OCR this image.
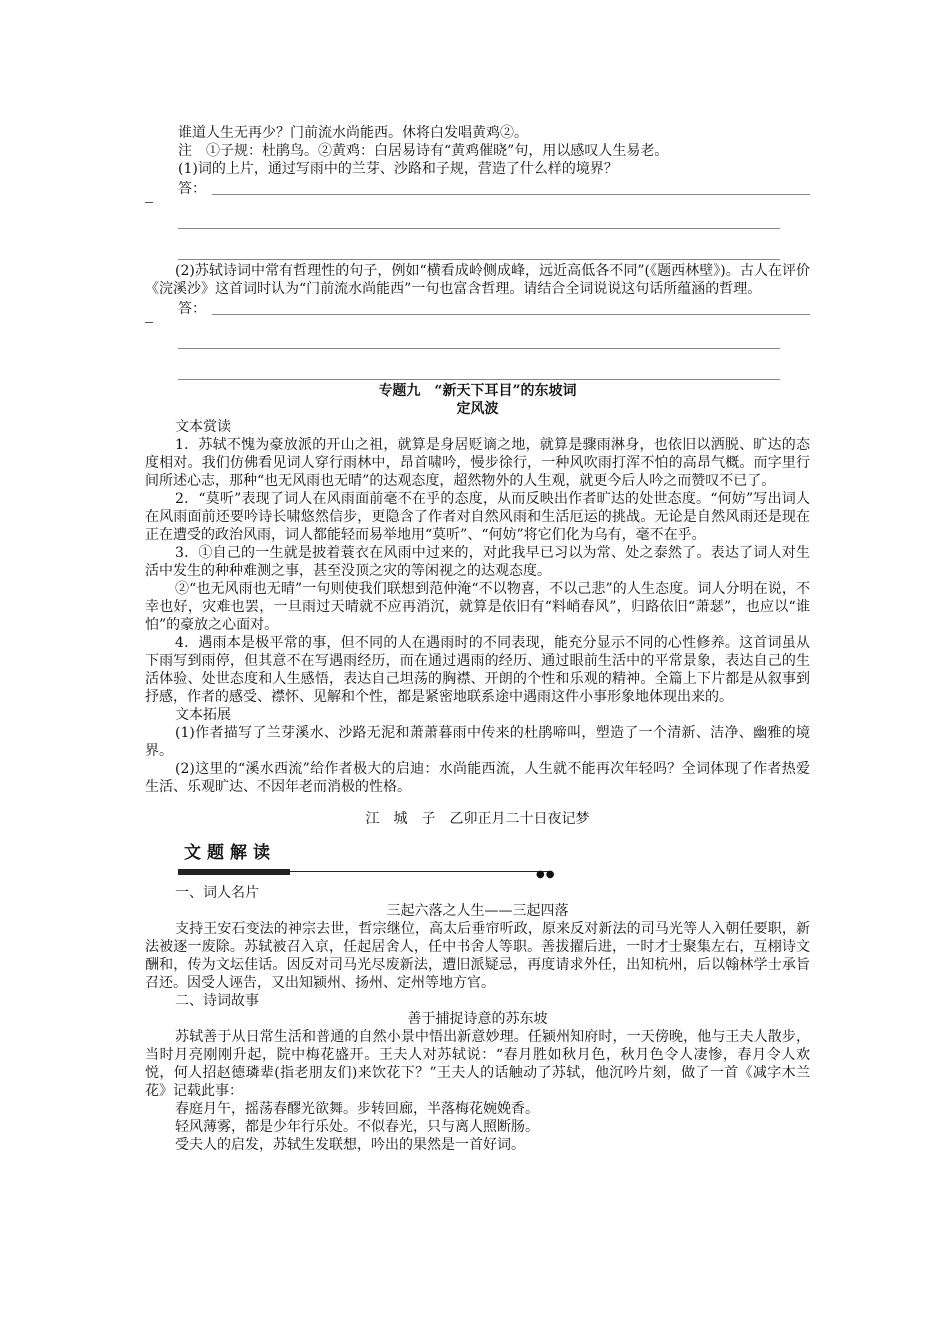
谁道人生无再少？门前流水尚能西。休将白发唱黄鸡②。

注　①子规：杜鹃鸟。②黄鸡：白居易诗有“黄鸡催晓”句，用以感叹人生易老。

(1)词的上片，通过写雨中的兰芽、沙路和子规，营造了什么样的境界？

答：

(2)苏轼诗词中常有哲理性的句子，例如“横看成岭侧成峰，远近高低各不同”(《题西林壁》)。古人在评价《浣溪沙》这首词时认为“门前流水尚能西”一句也富含哲理。请结合全词说说这句话所蕴涵的哲理。

答：

专题九　“新天下耳目”的东坡词

定风波

文本赏读

1．苏轼不愧为豪放派的开山之祖，就算是身居贬谪之地，就算是骤雨淋身，也依旧以洒脱、旷达的态度相对。我们仿佛看见词人穿行雨林中，昂首啸吟，慢步徐行，一种风吹雨打浑不怕的高昂气概。而字里行间所述心志，那种“也无风雨也无晴”的达观态度，超然物外的人生观，就更今后人吟之而赞叹不已了。

2．“莫听”表现了词人在风雨面前毫不在乎的态度，从而反映出作者旷达的处世态度。“何妨”写出词人在风雨面前还要吟诗长啸悠然信步，更隐含了作者对自然风雨和生活厄运的挑战。无论是自然风雨还是现在正在遭受的政治风雨，词人都能轻而易举地用“莫听”、“何妨”将它们化为乌有，毫不在乎。

3．①自己的一生就是披着蓑衣在风雨中过来的，对此我早已习以为常、处之泰然了。表达了词人对生活中发生的种种难测之事，甚至没顶之灾的等闲视之的达观态度。

②“也无风雨也无晴”一句则使我们联想到范仲淹“不以物喜，不以己悲”的人生态度。词人分明在说，不幸也好，灾难也罢，一旦雨过天晴就不应再消沉，就算是依旧有“料峭春风”，归路依旧“萧瑟”，也应以“谁怕”的豪放之心面对。

4．遇雨本是极平常的事，但不同的人在遇雨时的不同表现，能充分显示不同的心性修养。这首词虽从下雨写到雨停，但其意不在写遇雨经历，而在通过遇雨的经历、通过眼前生活中的平常景象，表达自己的生活体验、处世态度和人生感悟，表达自己坦荡的胸襟、开朗的个性和乐观的精神。全篇上下片都是从叙事到抒感，作者的感受、襟怀、见解和个性，都是紧密地联系途中遇雨这件小事形象地体现出来的。

文本拓展

(1)作者描写了兰芽溪水、沙路无泥和萧萧暮雨中传来的杜鹃啼叫，塑造了一个清新、洁净、幽雅的境界。

(2)这里的“溪水西流”给作者极大的启迪：水尚能西流，人生就不能再次年轻吗？全词体现了作者热爱生活、乐观旷达、不因年老而消极的性格。

江　城　子　乙卯正月二十日夜记梦

文题解读
●●

一、词人名片

三起六落之人生——三起四落

支持王安石变法的神宗去世，哲宗继位，高太后垂帘听政，原来反对新法的司马光等人入朝任要职，新法被逐一废除。苏轼被召入京，任起居舍人，任中书舍人等职。善拔擢后进，一时才士聚集左右，互栩诗文酬和，传为文坛佳话。因反对司马光尽废新法，遭旧派疑忌，再度请求外任，出知杭州，后以翰林学士承旨召还。因受人诬告，又出知颍州、扬州、定州等地方官。

二、诗词故事

善于捕捉诗意的苏东坡

苏轼善于从日常生活和普通的自然小景中悟出新意妙理。任颍州知府时，一天傍晚，他与王夫人散步，当时月亮刚刚升起，院中梅花盛开。王夫人对苏轼说：“春月胜如秋月色，秋月色令人凄惨，春月令人欢悦，何人招赵德璘辈(指老朋友们)来饮花下？”王夫人的话触动了苏轼，他沉吟片刻，做了一首《减字木兰花》记载此事：

春庭月午，摇荡春醪光欲舞。步转回廊，半落梅花婉娩香。

轻风薄雾，都是少年行乐处。不似春光，只与离人照断肠。

受夫人的启发，苏轼生发联想，吟出的果然是一首好词。
